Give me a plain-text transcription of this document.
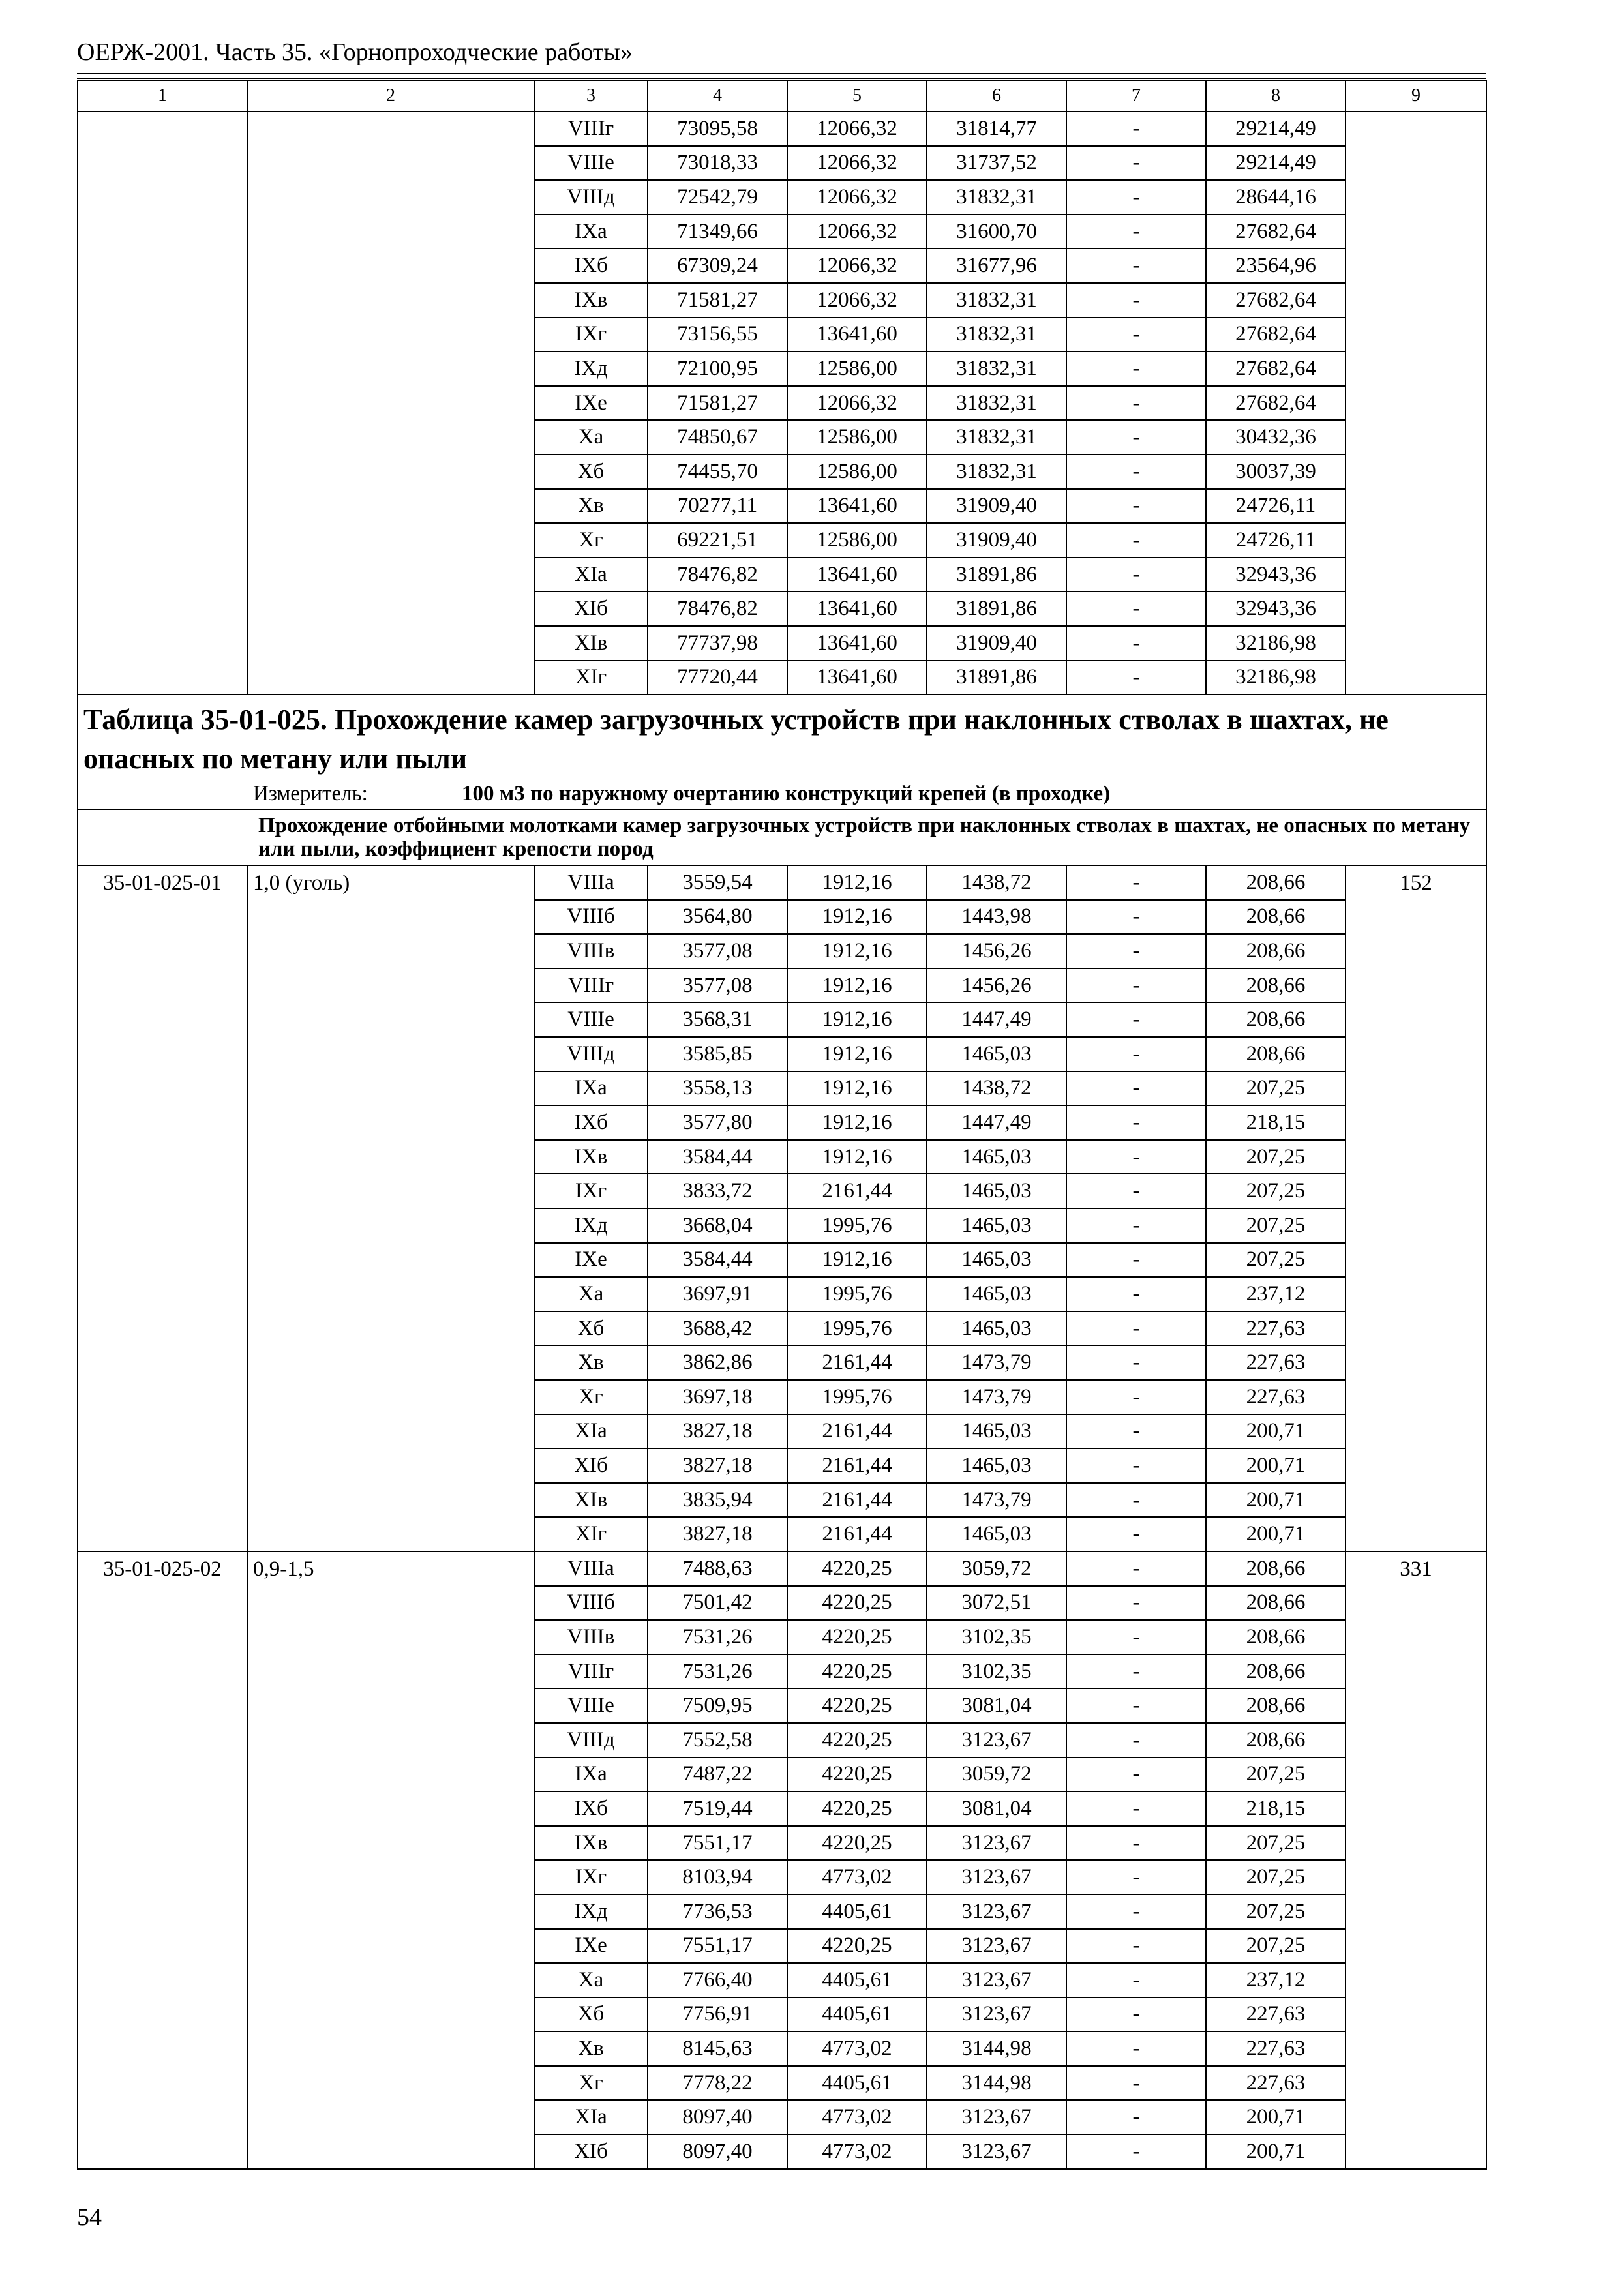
ОЕРЖ-2001. Часть 35. «Горнопроходческие работы»
1	2	3	4	5	6	7	8	9
		VIIIг	73095,58	12066,32	31814,77	-	29214,49	
		VIIIе	73018,33	12066,32	31737,52	-	29214,49	
		VIIIд	72542,79	12066,32	31832,31	-	28644,16	
		IXа	71349,66	12066,32	31600,70	-	27682,64	
		IXб	67309,24	12066,32	31677,96	-	23564,96	
		IXв	71581,27	12066,32	31832,31	-	27682,64	
		IXг	73156,55	13641,60	31832,31	-	27682,64	
		IXд	72100,95	12586,00	31832,31	-	27682,64	
		IXе	71581,27	12066,32	31832,31	-	27682,64	
		Xа	74850,67	12586,00	31832,31	-	30432,36	
		Xб	74455,70	12586,00	31832,31	-	30037,39	
		Xв	70277,11	13641,60	31909,40	-	24726,11	
		Xг	69221,51	12586,00	31909,40	-	24726,11	
		XIа	78476,82	13641,60	31891,86	-	32943,36	
		XIб	78476,82	13641,60	31891,86	-	32943,36	
		XIв	77737,98	13641,60	31909,40	-	32186,98	
		XIг	77720,44	13641,60	31891,86	-	32186,98	

Таблица 35-01-025. Прохождение камер загрузочных устройств при наклонных стволах в шахтах, не опасных по метану или пыли								

Измеритель: 100 м3 по наружному очертанию конструкций крепей (в проходке)								

Прохождение отбойными молотками камер загрузочных устройств при наклонных стволах в шахтах, не опасных по метану или пыли, коэффициент крепости пород								

35-01-025-01	1,0 (уголь)	VIIIа	3559,54	1912,16	1438,72	-	208,66	152
		VIIIб	3564,80	1912,16	1443,98	-	208,66	
		VIIIв	3577,08	1912,16	1456,26	-	208,66	
		VIIIг	3577,08	1912,16	1456,26	-	208,66	
		VIIIе	3568,31	1912,16	1447,49	-	208,66	
		VIIIд	3585,85	1912,16	1465,03	-	208,66	
		IXа	3558,13	1912,16	1438,72	-	207,25	
		IXб	3577,80	1912,16	1447,49	-	218,15	
		IXв	3584,44	1912,16	1465,03	-	207,25	
		IXг	3833,72	2161,44	1465,03	-	207,25	
		IXд	3668,04	1995,76	1465,03	-	207,25	
		IXе	3584,44	1912,16	1465,03	-	207,25	
		Xа	3697,91	1995,76	1465,03	-	237,12	
		Xб	3688,42	1995,76	1465,03	-	227,63	
		Xв	3862,86	2161,44	1473,79	-	227,63	
		Xг	3697,18	1995,76	1473,79	-	227,63	
		XIа	3827,18	2161,44	1465,03	-	200,71	
		XIб	3827,18	2161,44	1465,03	-	200,71	
		XIв	3835,94	2161,44	1473,79	-	200,71	
		XIг	3827,18	2161,44	1465,03	-	200,71	
35-01-025-02	0,9-1,5	VIIIа	7488,63	4220,25	3059,72	-	208,66	331
		VIIIб	7501,42	4220,25	3072,51	-	208,66	
		VIIIв	7531,26	4220,25	3102,35	-	208,66	
		VIIIг	7531,26	4220,25	3102,35	-	208,66	
		VIIIе	7509,95	4220,25	3081,04	-	208,66	
		VIIIд	7552,58	4220,25	3123,67	-	208,66	
		IXа	7487,22	4220,25	3059,72	-	207,25	
		IXб	7519,44	4220,25	3081,04	-	218,15	
		IXв	7551,17	4220,25	3123,67	-	207,25	
		IXг	8103,94	4773,02	3123,67	-	207,25	
		IXд	7736,53	4405,61	3123,67	-	207,25	
		IXе	7551,17	4220,25	3123,67	-	207,25	
		Xа	7766,40	4405,61	3123,67	-	237,12	
		Xб	7756,91	4405,61	3123,67	-	227,63	
		Xв	8145,63	4773,02	3144,98	-	227,63	
		Xг	7778,22	4405,61	3144,98	-	227,63	
		XIа	8097,40	4773,02	3123,67	-	200,71	
		XIб	8097,40	4773,02	3123,67	-	200,71	
54
